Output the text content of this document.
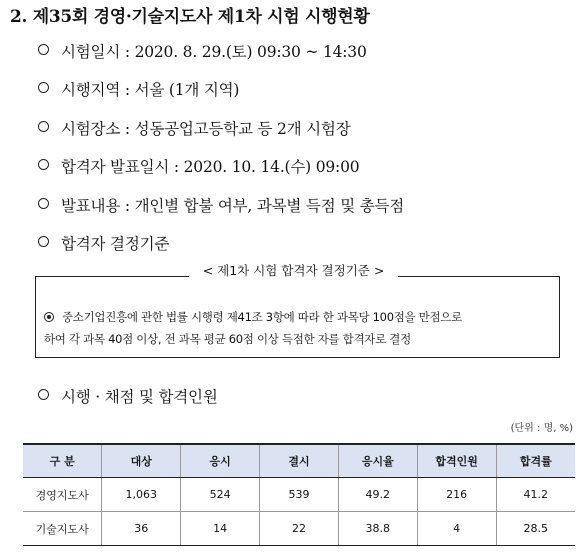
2. 제35회 경영·기술지도사 제1차 시험 시행현황
시험일시 : 2020. 8. 29.(토) 09:30 ~ 14:30
시행지역 : 서울 (1개 지역)
시험장소 : 성동공업고등학교 등 2개 시험장
합격자 발표일시 : 2020. 10. 14.(수) 09:00
발표내용 : 개인별 합불 여부, 과목별 득점 및 총득점
합격자 결정기준
< 제1차 시험 합격자 결정기준 >
중소기업진흥에 관한 법률 시행령 제41조 3항에 따라 한 과목당 100점을 만점으로
하여 각 과목 40점 이상, 전 과목 평균 60점 이상 득점한 자를 합격자로 결정
시행 · 채점 및 합격인원
(단위 : 명, %)
구 분	대상	응시	결시	응시율	합격인원	합격률
경영지도사	1,063	524	539	49.2	216	41.2
기술지도사	36	14	22	38.8	4	28.5
